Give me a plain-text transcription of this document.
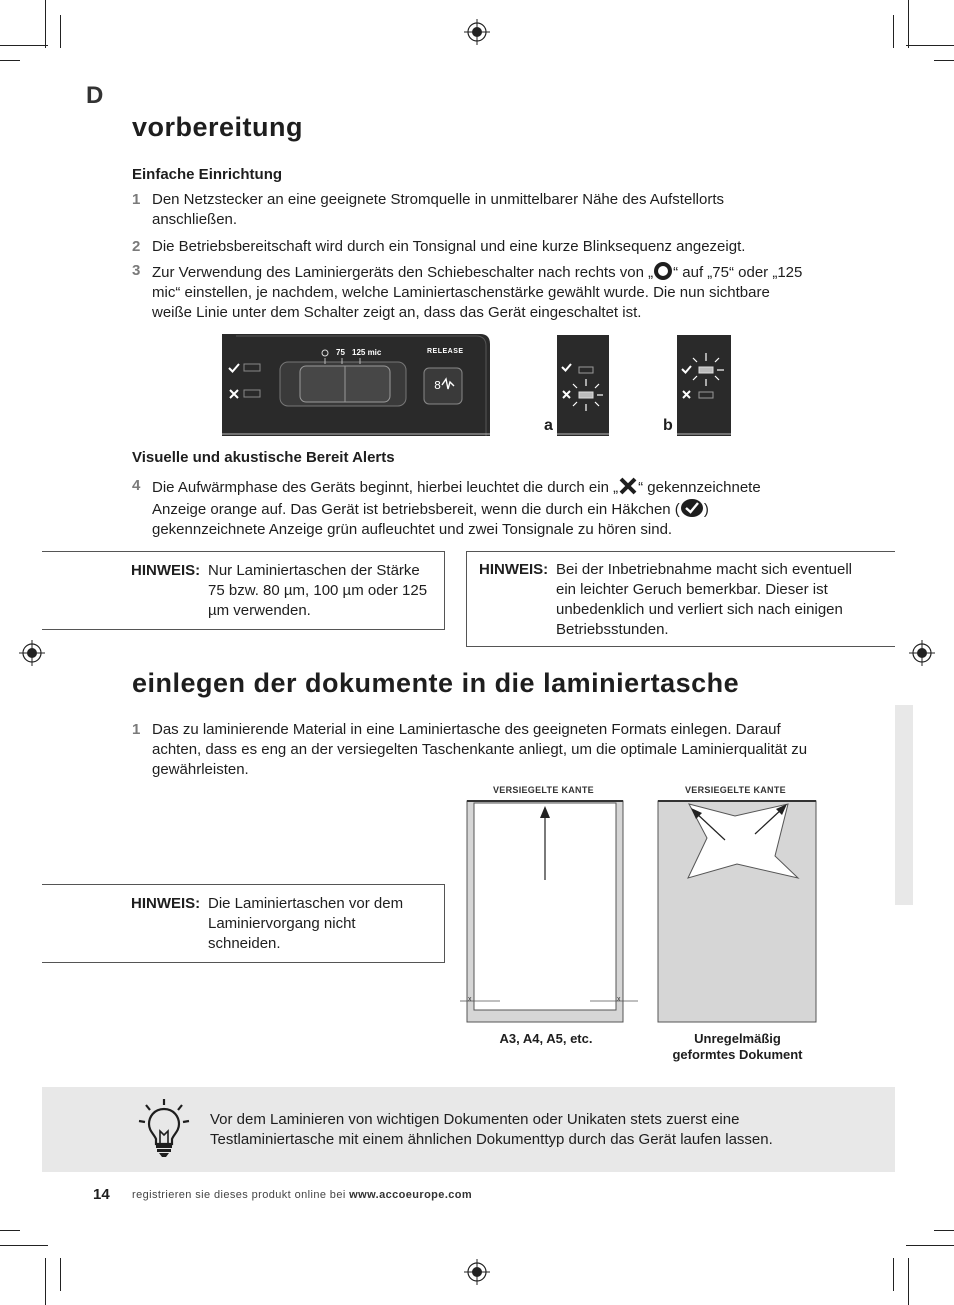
D
vorbereitung
Einfache Einrichtung
1 Den Netzstecker an eine geeignete Stromquelle in unmittelbarer Nähe des Aufstellorts anschließen.
2 Die Betriebsbereitschaft wird durch ein Tonsignal und eine kurze Blinksequenz angezeigt.
3 Zur Verwendung des Laminiergeräts den Schiebeschalter nach rechts von „ “ auf „75“ oder „125 mic“ einstellen, je nachdem, welche Laminiertaschenstärke gewählt wurde. Die nun sichtbare weiße Linie unter dem Schalter zeigt an, dass das Gerät eingeschaltet ist.
75 125 mic	RELEASE
8
a	b
Visuelle und akustische Bereit Alerts
4 Die Aufwärmphase des Geräts beginnt, hierbei leuchtet die durch ein „ “ gekennzeichnete Anzeige orange auf. Das Gerät ist betriebsbereit, wenn die durch ein Häkchen ( ) gekennzeichnete Anzeige grün aufleuchtet und zwei Tonsignale zu hören sind.
HINWEIS: Nur Laminiertaschen der Stärke 75 bzw. 80 µm, 100 µm oder 125 µm verwenden.
HINWEIS: Bei der Inbetriebnahme macht sich eventuell ein leichter Geruch bemerkbar. Dieser ist unbedenklich und verliert sich nach einigen Betriebsstunden.
einlegen der dokumente in die laminiertasche
1 Das zu laminierende Material in eine Laminiertasche des geeigneten Formats einlegen. Darauf achten, dass es eng an der versiegelten Taschenkante anliegt, um die optimale Laminierqualität zu gewährleisten.
HINWEIS: Die Laminiertaschen vor dem Laminiervorgang nicht schneiden.
VERSIEGELTE KANTE	VERSIEGELTE KANTE
x	x
A3, A4, A5, etc.	Unregelmäßig
geformtes Dokument
Vor dem Laminieren von wichtigen Dokumenten oder Unikaten stets zuerst eine Testlaminiertasche mit einem ähnlichen Dokumenttyp durch das Gerät laufen lassen.
14 registrieren sie dieses produkt online bei www.accoeurope.com
